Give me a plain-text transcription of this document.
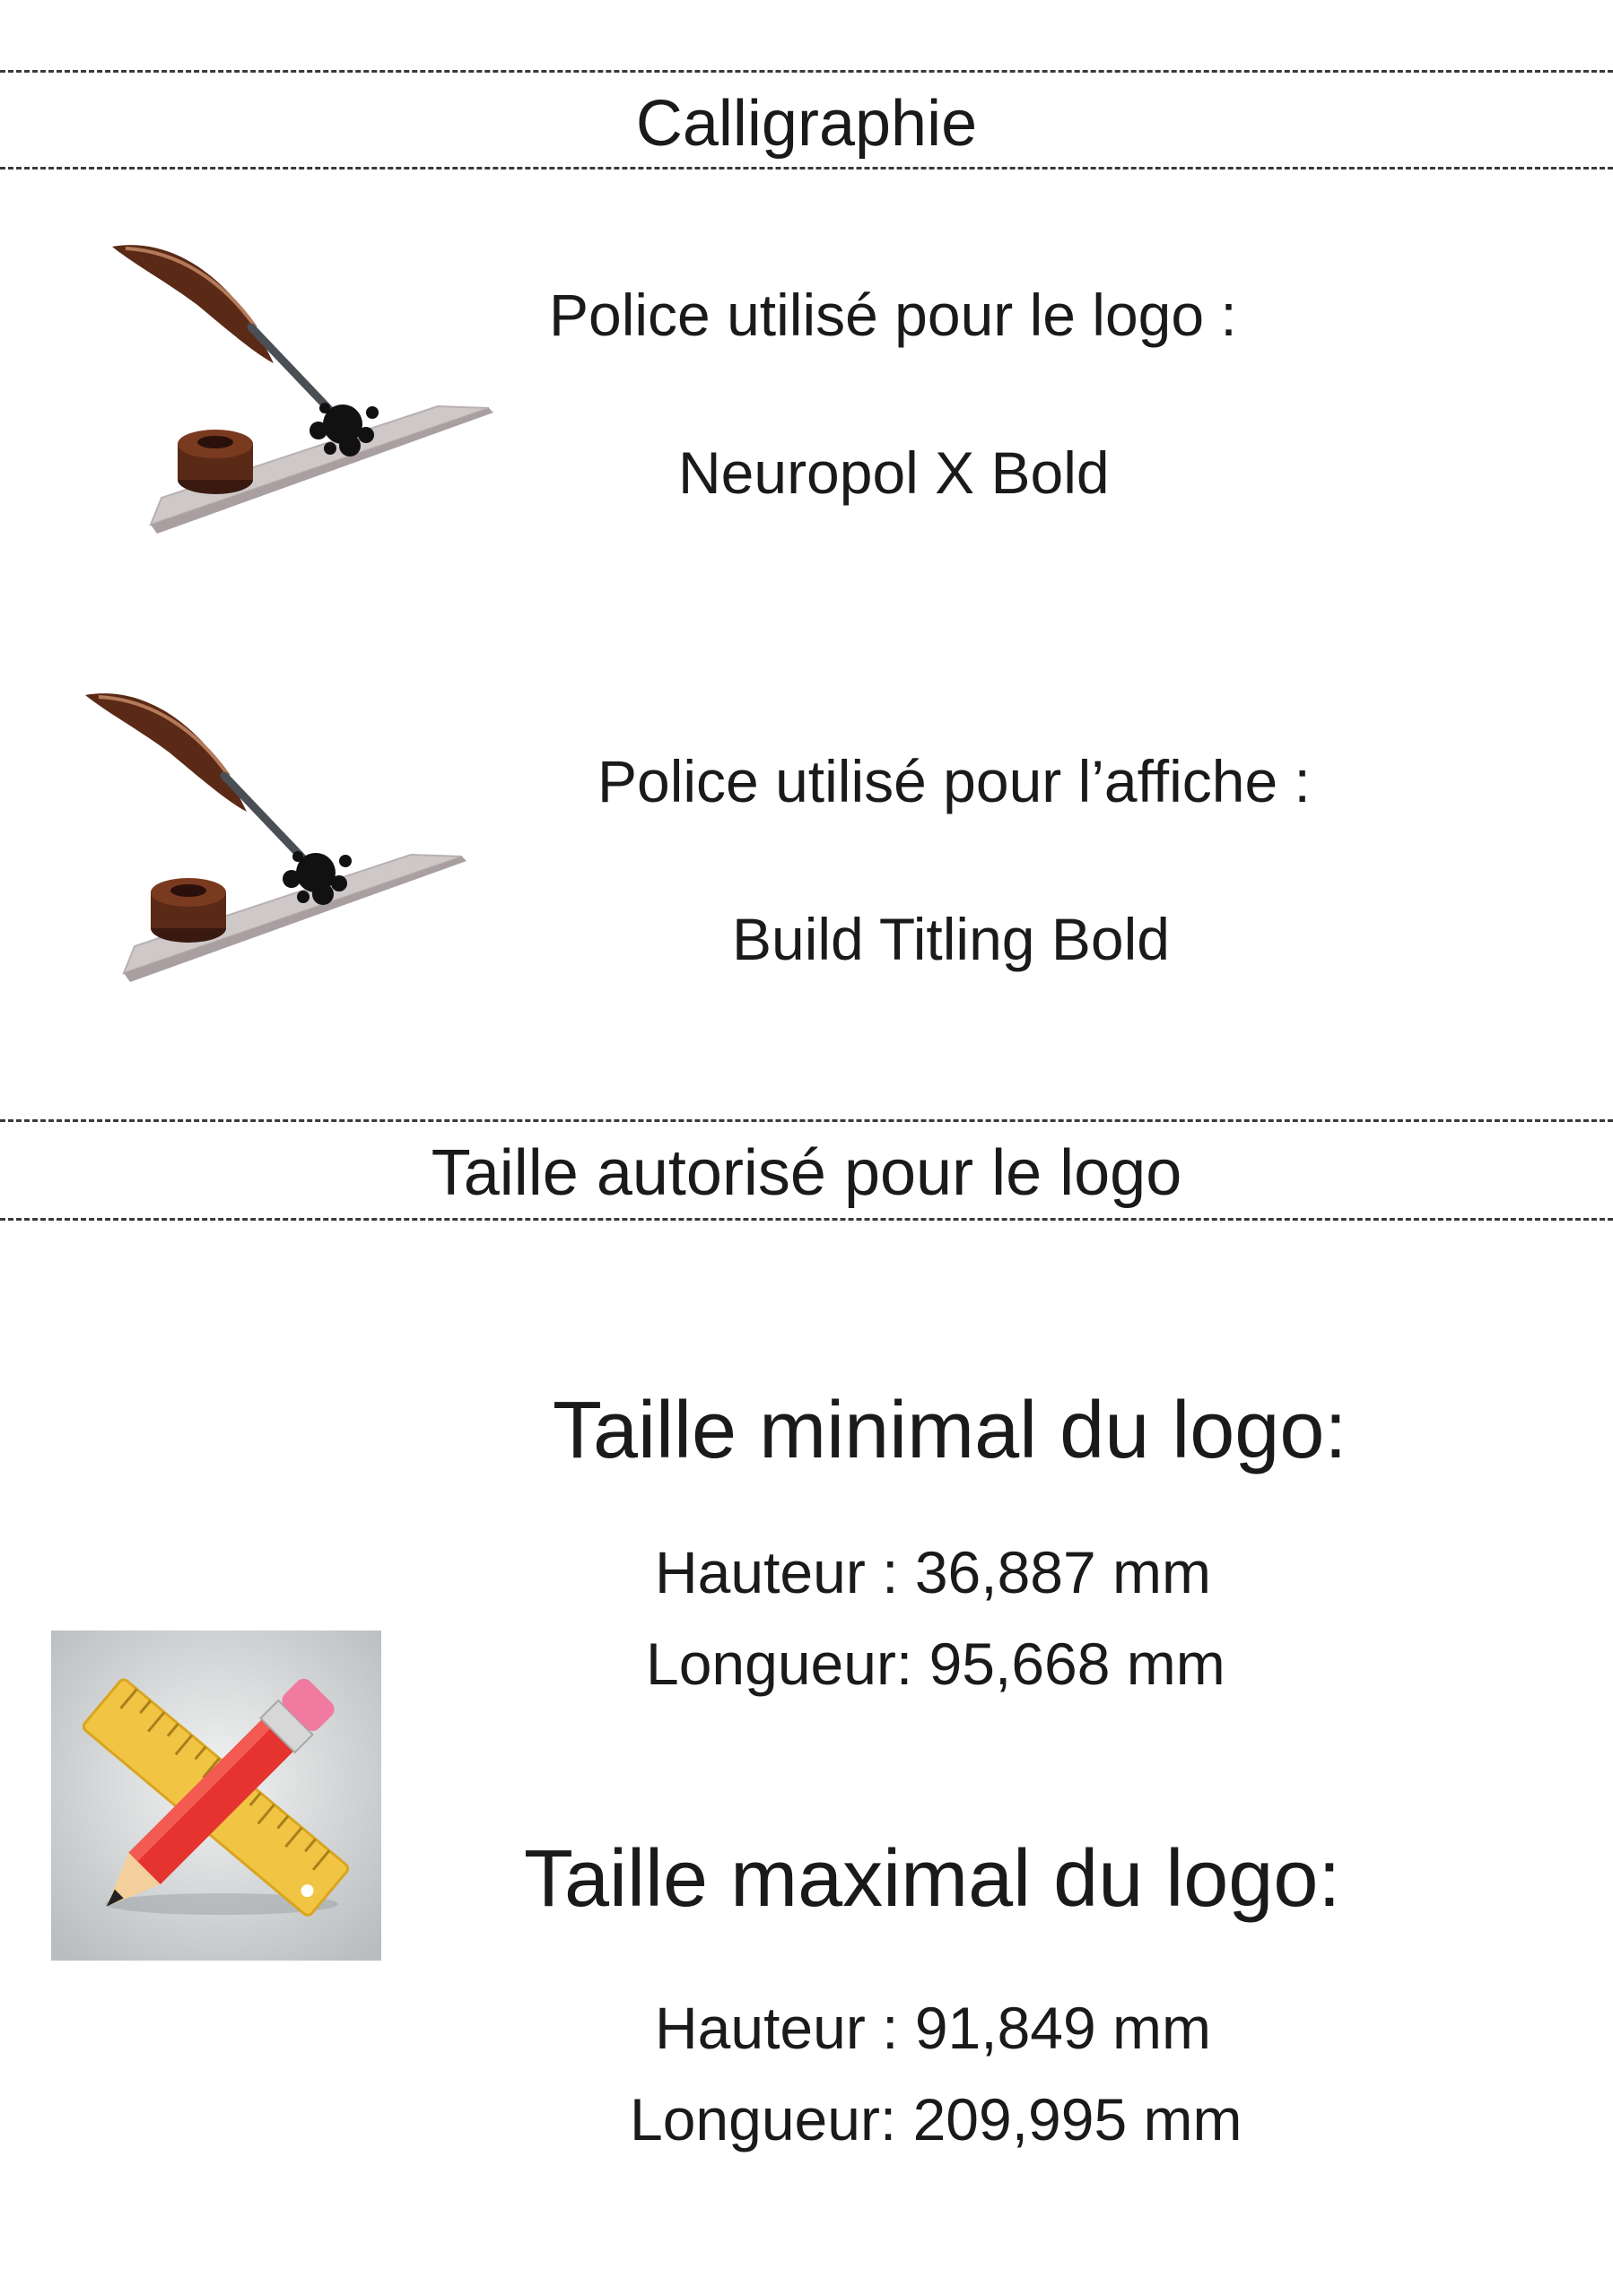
Calligraphie
Police utilisé pour le logo :
Neuropol X Bold
Police utilisé pour l’affiche :
Build Titling Bold
Taille autorisé pour le logo
Taille minimal du logo:
Hauteur : 36,887 mm
Longueur: 95,668 mm
Taille maximal du logo:
Hauteur : 91,849 mm
Longueur: 209,995 mm
